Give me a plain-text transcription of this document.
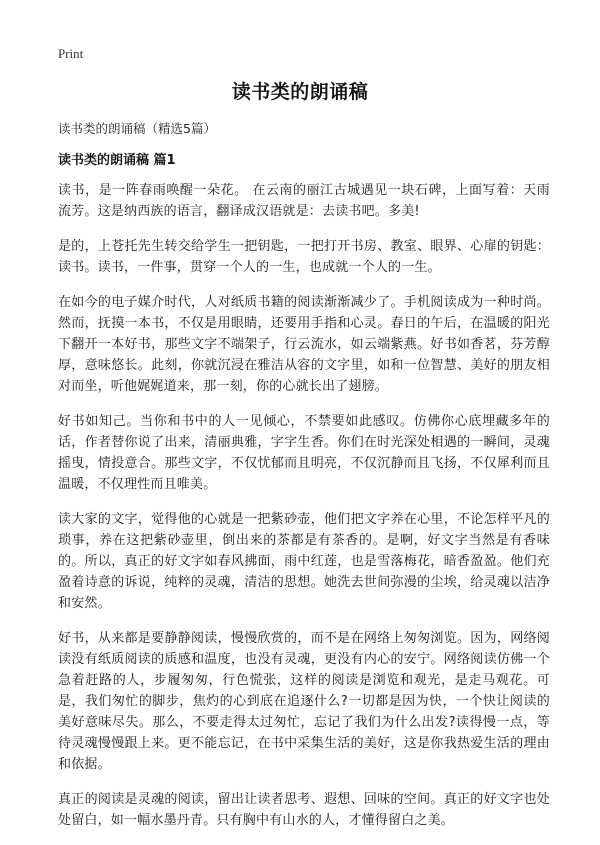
Print
读书类的朗诵稿
读书类的朗诵稿（精选5篇）
读书类的朗诵稿 篇1

读书，是一阵春雨唤醒一朵花。 在云南的丽江古城遇见一块石碑，上面写着：天雨流芳。这是纳西族的语言，翻译成汉语就是：去读书吧。多美!

是的，上苍托先生转交给学生一把钥匙，一把打开书房、教室、眼界、心扉的钥匙：读书。读书，一件事，贯穿一个人的一生，也成就一个人的一生。

在如今的电子媒介时代，人对纸质书籍的阅读渐渐减少了。手机阅读成为一种时尚。然而，抚摸一本书，不仅是用眼睛，还要用手指和心灵。春日的午后，在温暖的阳光下翻开一本好书，那些文字不端架子，行云流水，如云端紫燕。好书如香茗，芬芳醇厚，意味悠长。此刻，你就沉浸在雅洁从容的文字里，如和一位智慧、美好的朋友相对而坐，听他娓娓道来，那一刻，你的心就长出了翅膀。

好书如知己。当你和书中的人一见倾心，不禁要如此感叹。仿佛你心底埋藏多年的话，作者替你说了出来，清丽典雅，字字生香。你们在时光深处相遇的一瞬间，灵魂摇曳，情投意合。那些文字，不仅忧郁而且明亮，不仅沉静而且飞扬，不仅犀利而且温暖，不仅理性而且唯美。

读大家的文字，觉得他的心就是一把紫砂壶，他们把文字养在心里，不论怎样平凡的琐事，养在这把紫砂壶里，倒出来的茶都是有茶香的。是啊，好文字当然是有香味的。所以，真正的好文字如春风拂面，雨中红莲，也是雪落梅花，暗香盈盈。他们充盈着诗意的诉说，纯粹的灵魂，清洁的思想。她洗去世间弥漫的尘埃，给灵魂以洁净和安然。

好书，从来都是要静静阅读，慢慢欣赏的，而不是在网络上匆匆浏览。因为，网络阅读没有纸质阅读的质感和温度，也没有灵魂，更没有内心的安宁。网络阅读仿佛一个急着赶路的人，步履匆匆，行色慌张，这样的阅读是浏览和观光，是走马观花。可是，我们匆忙的脚步，焦灼的心到底在追逐什么?一切都是因为快，一个快让阅读的美好意味尽失。那么，不要走得太过匆忙，忘记了我们为什么出发?读得慢一点，等待灵魂慢慢跟上来。更不能忘记，在书中采集生活的美好，这是你我热爱生活的理由和依据。

真正的阅读是灵魂的阅读，留出让读者思考、遐想、回味的空间。真正的好文字也处处留白，如一幅水墨丹青。只有胸中有山水的人，才懂得留白之美。
